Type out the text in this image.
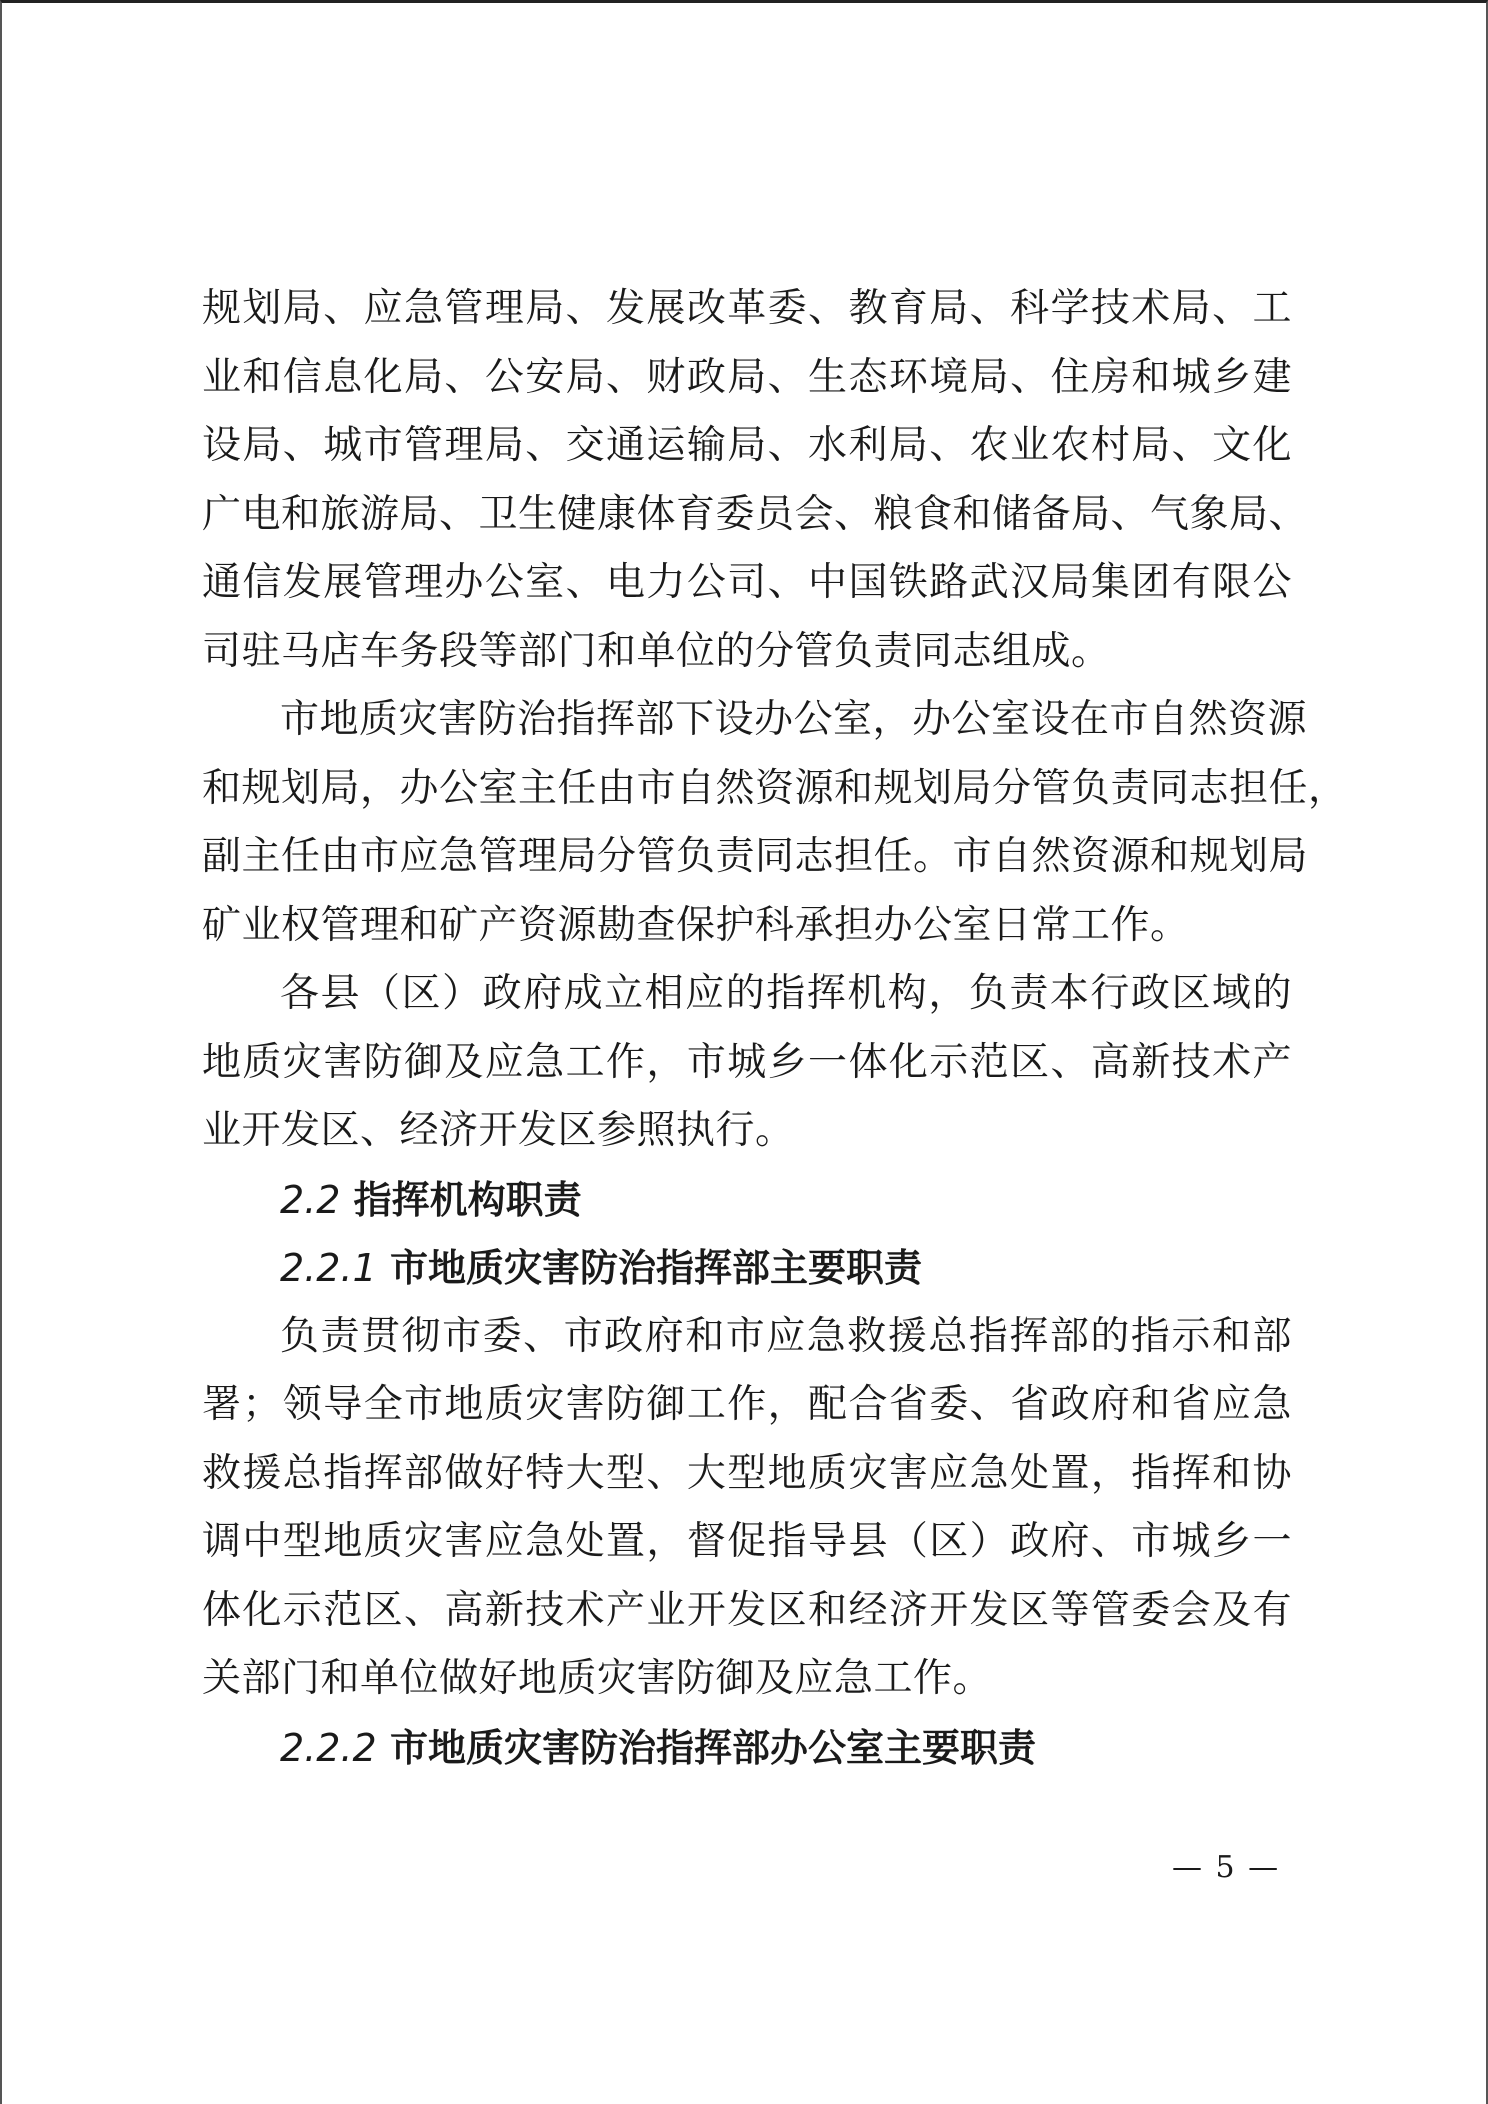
规划局、应急管理局、发展改革委、教育局、科学技术局、工
业和信息化局、公安局、财政局、生态环境局、住房和城乡建
设局、城市管理局、交通运输局、水利局、农业农村局、文化
广电和旅游局、卫生健康体育委员会、粮食和储备局、气象局、
通信发展管理办公室、电力公司、中国铁路武汉局集团有限公
司驻马店车务段等部门和单位的分管负责同志组成。
市地质灾害防治指挥部下设办公室，办公室设在市自然资源
和规划局，办公室主任由市自然资源和规划局分管负责同志担任，
副主任由市应急管理局分管负责同志担任。市自然资源和规划局
矿业权管理和矿产资源勘查保护科承担办公室日常工作。
各县（区）政府成立相应的指挥机构，负责本行政区域的
地质灾害防御及应急工作，市城乡一体化示范区、高新技术产
业开发区、经济开发区参照执行。
2.2 指挥机构职责
2.2.1 市地质灾害防治指挥部主要职责
负责贯彻市委、市政府和市应急救援总指挥部的指示和部
署；领导全市地质灾害防御工作，配合省委、省政府和省应急
救援总指挥部做好特大型、大型地质灾害应急处置，指挥和协
调中型地质灾害应急处置，督促指导县（区）政府、市城乡一
体化示范区、高新技术产业开发区和经济开发区等管委会及有
关部门和单位做好地质灾害防御及应急工作。
2.2.2 市地质灾害防治指挥部办公室主要职责
— 5 —
